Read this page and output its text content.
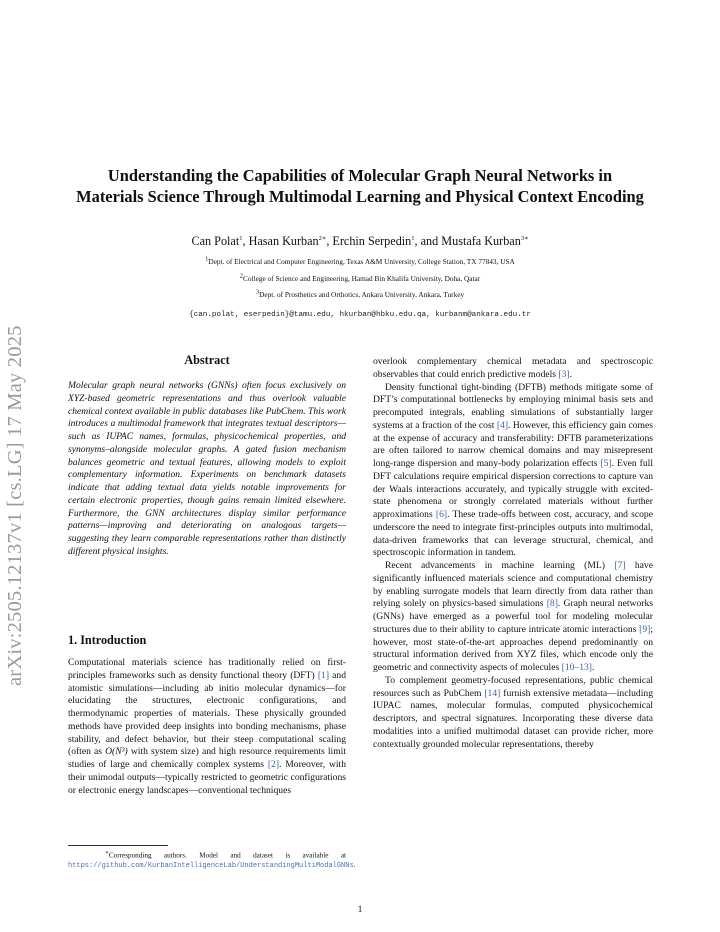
Understanding the Capabilities of Molecular Graph Neural Networks in
Materials Science Through Multimodal Learning and Physical Context Encoding
Can Polat$^1$, Hasan Kurban$^{2∗}$, Erchin Serpedin$^1$, and Mustafa Kurban$^{3∗}$
$^1$Dept. of Electrical and Computer Engineering, Texas A&M University, College Station, TX 77843, USA
$^2$College of Science and Engineering, Hamad Bin Khalifa University, Doha, Qatar
$^3$Dept. of Prosthetics and Orthotics, Ankara University, Ankara, Turkey
{can.polat, eserpedin}@tamu.edu, hkurban@hbku.edu.qa, kurbanm@ankara.edu.tr
arXiv:2505.12137v1 [cs.LG] 17 May 2025	Abstract
Molecular graph neural networks (GNNs) often focus exclusively on XYZ-based geometric representations and thus overlook valuable chemical context available in public databases like PubChem. This work introduces a multimodal framework that integrates textual descriptors—such as IUPAC names, formulas, physicochemical properties, and synonyms–alongside molecular graphs. A gated fusion mechanism balances geometric and textual features, allowing models to exploit complementary information. Experiments on benchmark datasets indicate that adding textual data yields notable improvements for certain electronic properties, though gains remain limited elsewhere. Furthermore, the GNN architectures display similar performance patterns—improving and deteriorating on analogous targets—suggesting they learn comparable representations rather than distinctly different physical insights.
1. Introduction
Computational materials science has traditionally relied on first-principles frameworks such as density functional theory (DFT) [1] and atomistic simulations—including ab initio molecular dynamics—for elucidating the structures, electronic configurations, and thermodynamic properties of materials. These physically grounded methods have provided deep insights into bonding mechanisms, phase stability, and defect behavior, but their steep computational scaling (often as O(N³) with system size) and high resource requirements limit studies of large and chemically complex systems [2]. Moreover, with their unimodal outputs—typically restricted to geometric configurations or electronic energy landscapes—conventional techniques
∗Corresponding authors. Model and dataset is available at https://github.com/KurbanIntelligenceLab/UnderstandingMultiModalGNNs.

overlook complementary chemical metadata and spectroscopic observables that could enrich predictive models [3].

Density functional tight-binding (DFTB) methods mitigate some of DFT’s computational bottlenecks by employing minimal basis sets and precomputed integrals, enabling simulations of substantially larger systems at a fraction of the cost [4]. However, this efficiency gain comes at the expense of accuracy and transferability: DFTB parameterizations are often tailored to narrow chemical domains and may misrepresent long-range dispersion and many-body polarization effects [5]. Even full DFT calculations require empirical dispersion corrections to capture van der Waals interactions accurately, and typically struggle with excited-state phenomena or strongly correlated materials without further approximations [6]. These trade-offs between cost, accuracy, and scope underscore the need to integrate first-principles outputs into multimodal, data-driven frameworks that can leverage structural, chemical, and spectroscopic information in tandem.

Recent advancements in machine learning (ML) [7] have significantly influenced materials science and computational chemistry by enabling surrogate models that learn directly from data rather than relying solely on physics-based simulations [8]. Graph neural networks (GNNs) have emerged as a powerful tool for modeling molecular structures due to their ability to capture intricate atomic interactions [9]; however, most state-of-the-art approaches depend predominantly on structural information derived from XYZ files, which encode only the geometric and connectivity aspects of molecules [10–13].

To complement geometry-focused representations, public chemical resources such as PubChem [14] furnish extensive metadata—including IUPAC names, molecular formulas, computed physicochemical descriptors, and spectral signatures. Incorporating these diverse data modalities into a unified multimodal dataset can provide richer, more contextually grounded molecular representations, thereby

1
